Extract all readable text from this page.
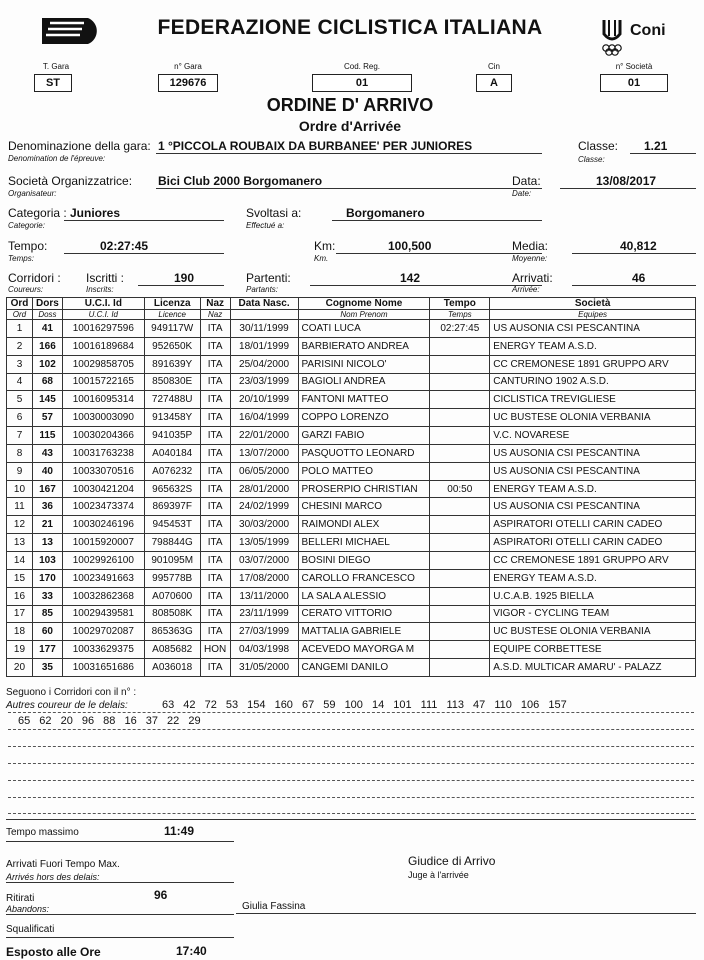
FEDERAZIONE CICLISTICA ITALIANA	Coni
T. Gara
ST
n° Gara
129676
Cod. Reg.
01
Cin
A
n° Società
01
ORDINE D' ARRIVO
Ordre d'Arrivée
Denominazione della gara:
Denomination de l'épreuve:
1 °PICCOLA ROUBAIX DA BURBANEE' PER JUNIORES	Classe:
Classe:
1.21
Società Organizzatrice:
Organisateur:
Bici Club 2000 Borgomanero	Data:
Date:
13/08/2017
Categoria :
Categorie:
Juniores	Svoltasi a:
Effectué a:
Borgomanero
Tempo:
Temps:
02:27:45	Km:
Km.
100,500	Media:
Moyenne:
40,812
Corridori :
Coureurs:
Iscritti :
Inscrits:
190	Partenti:
Partants:
142	Arrivati:
Arrivée:
46
Ord	Dors	U.C.I. Id	Licenza	Naz	Data Nasc.	Cognome Nome	Tempo	Società
Ord	Doss	U.C.I. Id	Licence	Naz		Nom Prenom	Temps	Equipes
1	41	10016297596	949117W	ITA	30/11/1999	COATI LUCA	02:27:45	US AUSONIA CSI PESCANTINA
2	166	10016189684	952650K	ITA	18/01/1999	BARBIERATO ANDREA		ENERGY TEAM A.S.D.
3	102	10029858705	891639Y	ITA	25/04/2000	PARISINI NICOLO'		CC CREMONESE 1891 GRUPPO ARV
4	68	10015722165	850830E	ITA	23/03/1999	BAGIOLI ANDREA		CANTURINO 1902 A.S.D.
5	145	10016095314	727488U	ITA	20/10/1999	FANTONI MATTEO		CICLISTICA TREVIGLIESE
6	57	10030003090	913458Y	ITA	16/04/1999	COPPO LORENZO		UC BUSTESE OLONIA VERBANIA
7	115	10030204366	941035P	ITA	22/01/2000	GARZI FABIO		V.C. NOVARESE
8	43	10031763238	A040184	ITA	13/07/2000	PASQUOTTO LEONARD		US AUSONIA CSI PESCANTINA
9	40	10033070516	A076232	ITA	06/05/2000	POLO MATTEO		US AUSONIA CSI PESCANTINA
10	167	10030421204	965632S	ITA	28/01/2000	PROSERPIO CHRISTIAN	00:50	ENERGY TEAM A.S.D.
11	36	10023473374	869397F	ITA	24/02/1999	CHESINI MARCO		US AUSONIA CSI PESCANTINA
12	21	10030246196	945453T	ITA	30/03/2000	RAIMONDI ALEX		ASPIRATORI OTELLI CARIN CADEO
13	13	10015920007	798844G	ITA	13/05/1999	BELLERI MICHAEL		ASPIRATORI OTELLI CARIN CADEO
14	103	10029926100	901095M	ITA	03/07/2000	BOSINI DIEGO		CC CREMONESE 1891 GRUPPO ARV
15	170	10023491663	995778B	ITA	17/08/2000	CAROLLO FRANCESCO		ENERGY TEAM A.S.D.
16	33	10032862368	A070600	ITA	13/11/2000	LA SALA ALESSIO		U.C.A.B. 1925 BIELLA
17	85	10029439581	808508K	ITA	23/11/1999	CERATO VITTORIO		VIGOR - CYCLING TEAM
18	60	10029702087	865363G	ITA	27/03/1999	MATTALIA GABRIELE		UC BUSTESE OLONIA VERBANIA
19	177	10033629375	A085682	HON	04/03/1998	ACEVEDO MAYORGA M		EQUIPE CORBETTESE
20	35	10031651686	A036018	ITA	31/05/2000	CANGEMI DANILO		A.S.D. MULTICAR AMARU' - PALAZZ
Seguono i Corridori con il n° :
Autres coureur de le delais:	63 42 72 53 154 160 67 59 100 14 101 111 113 47 110 106 157
65 62 20 96 88 16 37 22 29
Tempo massimo	11:49
Arrivati Fuori Tempo Max.
Arrivés hors des delais:
Ritirati	96
Abandons:
Squalificati
Esposto alle Ore	17:40
Giudice di Arrivo
Juge à l'arrivée
Giulia Fassina
